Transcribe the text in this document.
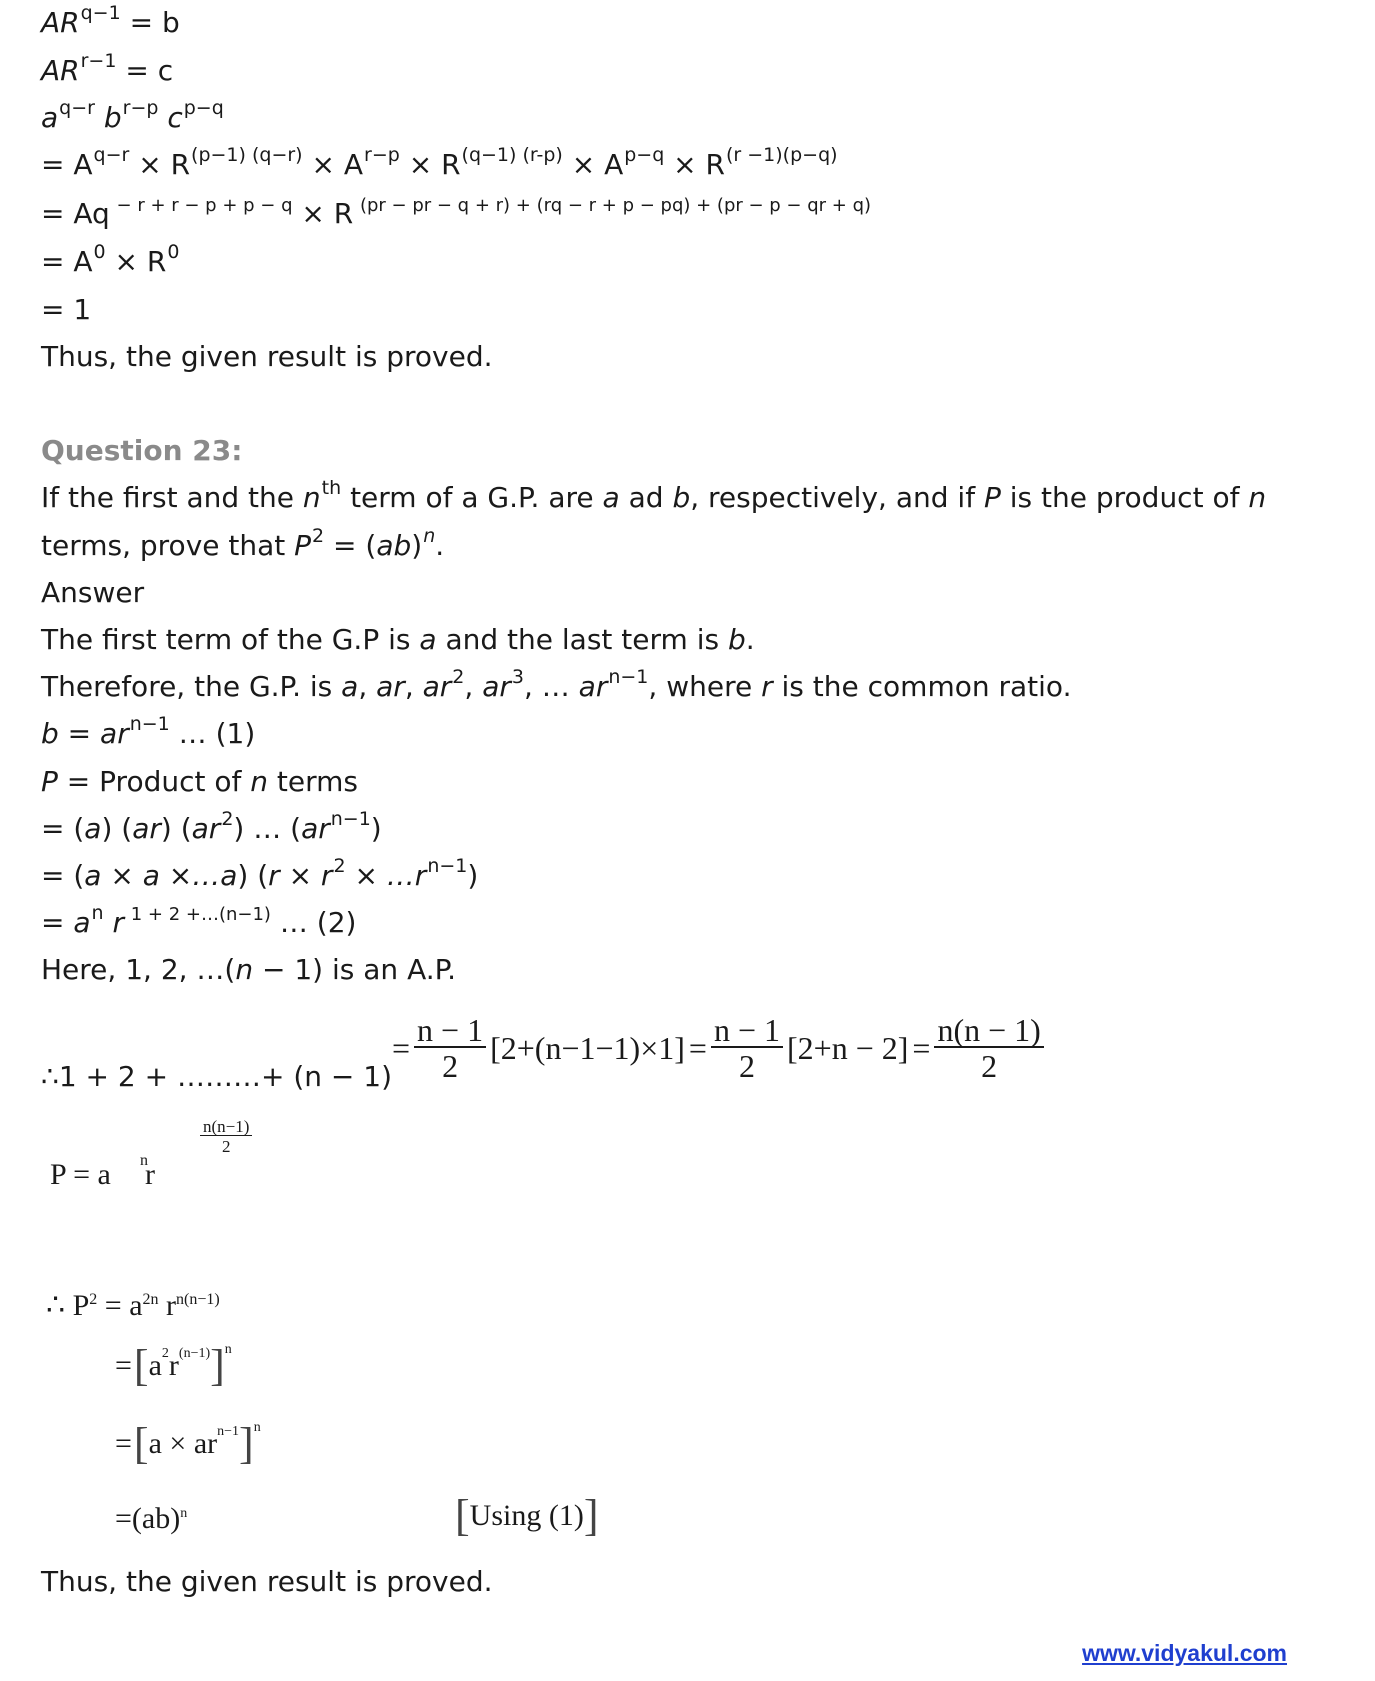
$AR^{q-1} = b$
$AR^{r-1} = c$
$a^{q-r}$ $b^{r-p}$ $c^{p-q}$
= $A^{q-r} \times R^{(p-1) (q-r)} \times A^{r-p} \times R^{(q-1) (r-p)} \times A^{p-q} \times R^{(r -1)(p-q)}$
= Aq $^{- r + r - p + p - q}$ × R $^{(pr - pr - q + r) + (rq - r + p - pq) + (pr - p - qr + q)}$
= $A^0 \times R^0$
= 1
Thus, the given result is proved.
Question 23:
If the first and the $n^{th}$ term of a G.P. are a ad b, respectively, and if P is the product of n
terms, prove that $P^2 = (ab)^n$.
Answer
The first term of the G.P is a and the last term is b.
Therefore, the G.P. is a, ar, $ar^2$, $ar^3$, … $ar^{n-1}$, where r is the common ratio.
$b = ar^{n-1}$ … (1)
P = Product of n terms
= (a) (ar) $(ar^2)$ … $(ar^{n-1})$
= (a × a ×…a) ($r \times r^2$ × $\dots r^{n-1}$)
= $a^n$ r $^{1 + 2 +\dots(n-1)}$ … (2)
Here, 1, 2, …(n − 1) is an A.P.
∴1 + 2 + ………+ (n − 1)
= $\frac{n - 1}{2} [2+(n-1-1)\times 1] = \frac{n - 1}{2} [2+n - 2] = \frac{n(n - 1)}{2}$
P = a n
r
$\frac{n(n-1)}{2}$
∴ $P^2 = a^{2n}$ $r^{n(n-1)}$
= [ $a^2$ $r^{(n-1)}$ ]$^n$
= [ $a \times ar^{n-1}$ ]$^n$
=(ab)$^n$	[ Using (1) ]
Thus, the given result is proved.
www.vidyakul.com
